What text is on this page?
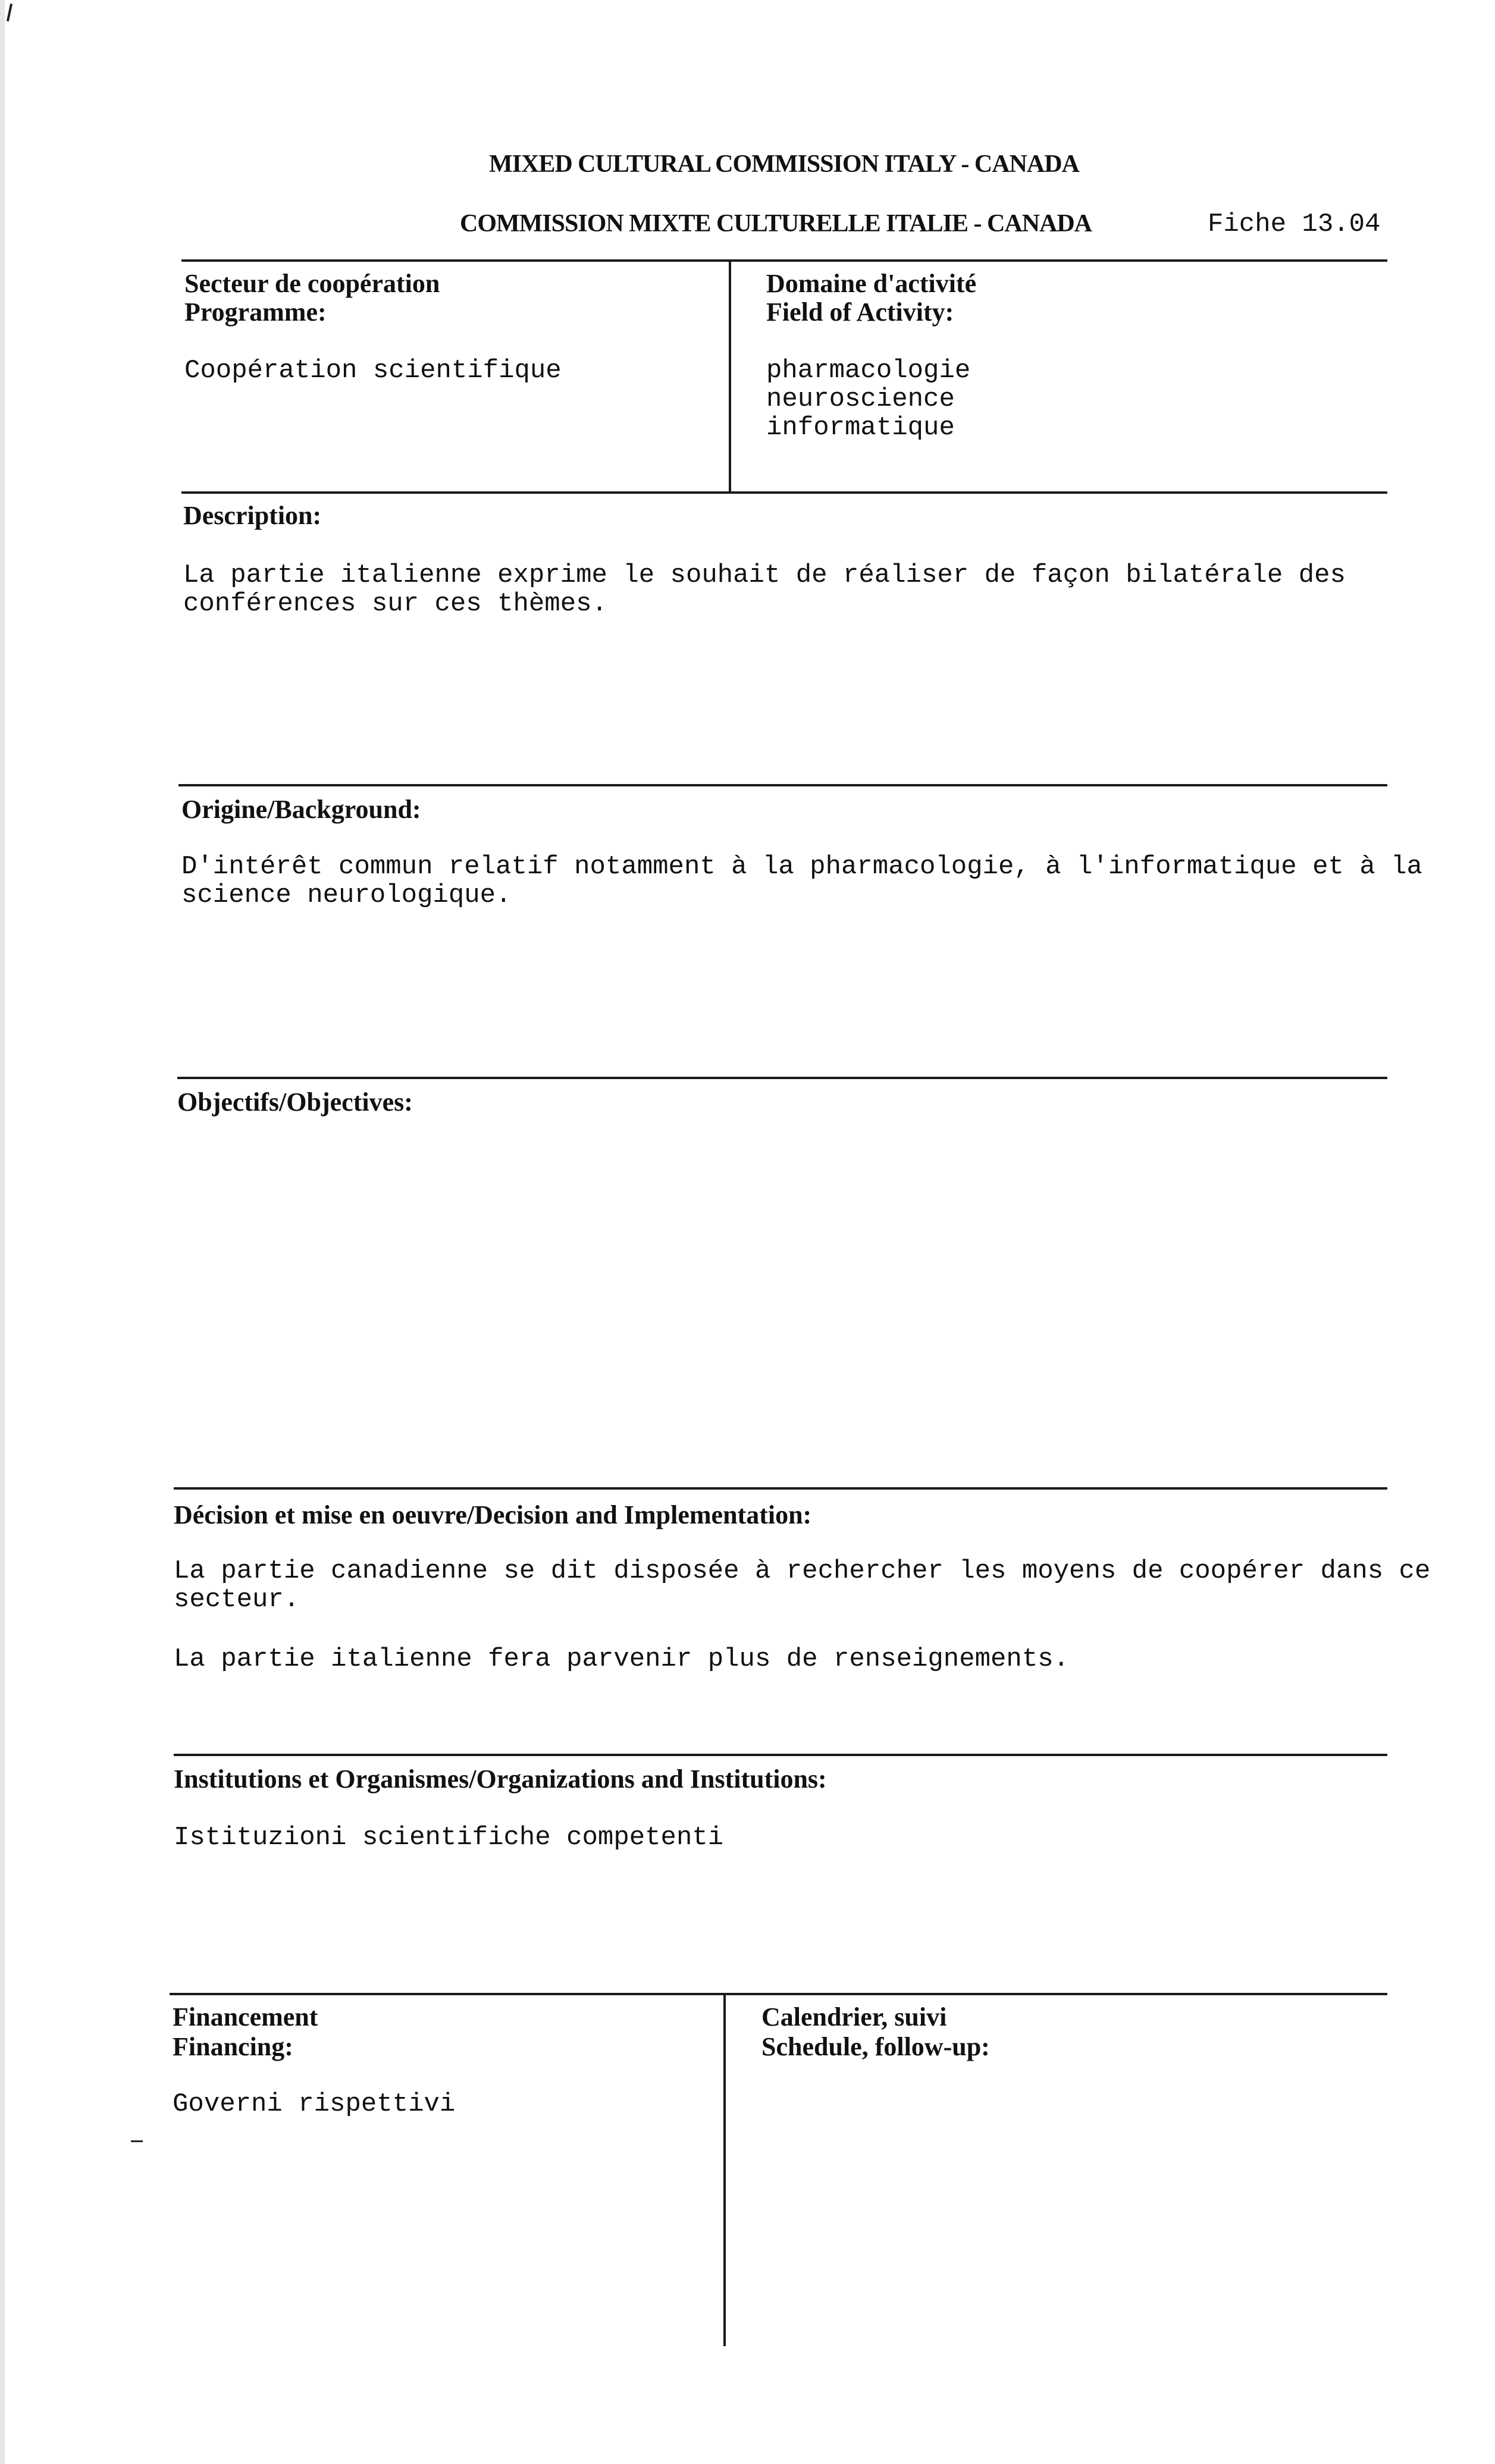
MIXED CULTURAL COMMISSION ITALY - CANADA
COMMISSION MIXTE CULTURELLE ITALIE - CANADA	Fiche 13.04
Secteur de coopération
Programme:
Coopération scientifique
Domaine d'activité
Field of Activity:
pharmacologie
neuroscience
informatique
Description:
La partie italienne exprime le souhait de réaliser de façon bilatérale des
conférences sur ces thèmes.
Origine/Background:
D'intérêt commun relatif notamment à la pharmacologie, à l'informatique et à la
science neurologique.
Objectifs/Objectives:
Décision et mise en oeuvre/Decision and Implementation:
La partie canadienne se dit disposée à rechercher les moyens de coopérer dans ce
secteur.
La partie italienne fera parvenir plus de renseignements.
Institutions et Organismes/Organizations and Institutions:
Istituzioni scientifiche competenti
Financement
Financing:
Governi rispettivi
Calendrier, suivi
Schedule, follow-up:
